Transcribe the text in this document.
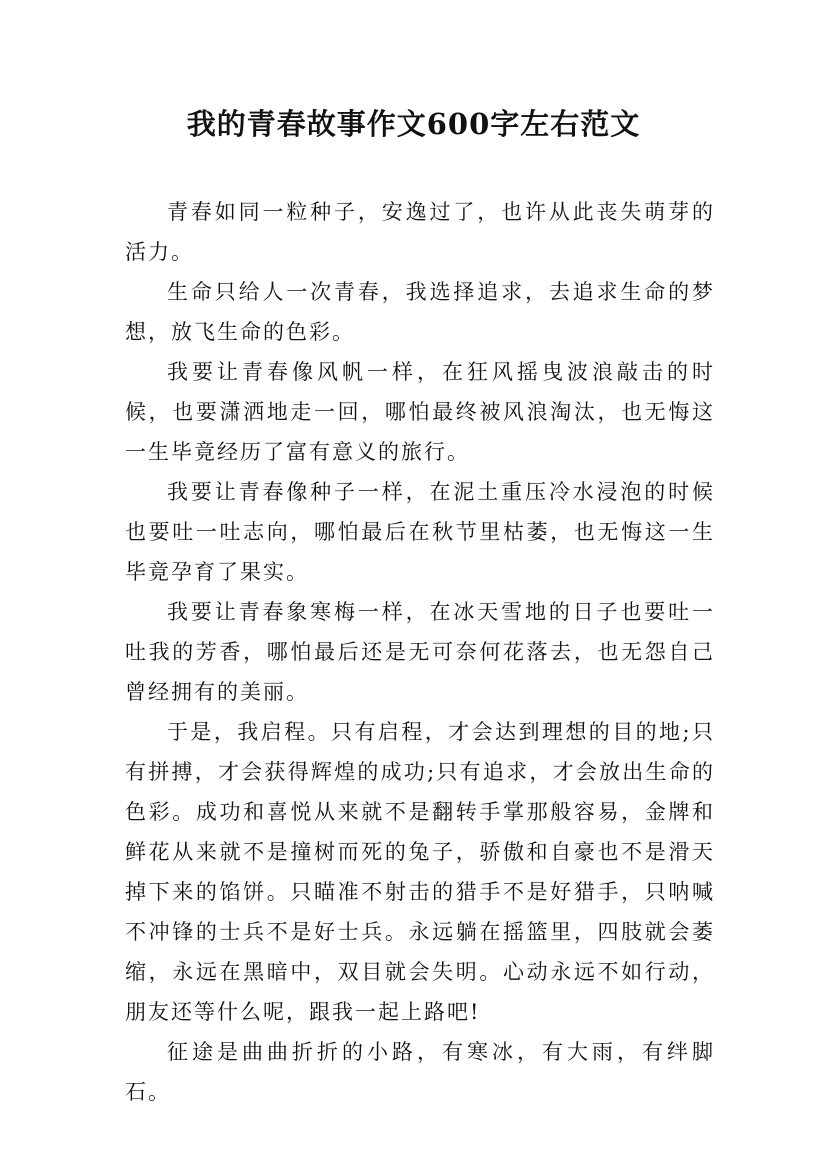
我的青春故事作文600字左右范文

青春如同一粒种子，安逸过了，也许从此丧失萌芽的活力。

生命只给人一次青春，我选择追求，去追求生命的梦想，放飞生命的色彩。

我要让青春像风帆一样，在狂风摇曳波浪敲击的时候，也要潇洒地走一回，哪怕最终被风浪淘汰，也无悔这一生毕竟经历了富有意义的旅行。

我要让青春像种子一样，在泥土重压冷水浸泡的时候也要吐一吐志向，哪怕最后在秋节里枯萎，也无悔这一生毕竟孕育了果实。

我要让青春象寒梅一样，在冰天雪地的日子也要吐一吐我的芳香，哪怕最后还是无可奈何花落去，也无怨自己曾经拥有的美丽。

于是，我启程。只有启程，才会达到理想的目的地;只有拼搏，才会获得辉煌的成功;只有追求，才会放出生命的色彩。成功和喜悦从来就不是翻转手掌那般容易，金牌和鲜花从来就不是撞树而死的兔子，骄傲和自豪也不是滑天掉下来的馅饼。只瞄准不射击的猎手不是好猎手，只呐喊不冲锋的士兵不是好士兵。永远躺在摇篮里，四肢就会萎缩，永远在黑暗中，双目就会失明。心动永远不如行动，朋友还等什么呢，跟我一起上路吧!

征途是曲曲折折的小路，有寒冰，有大雨，有绊脚石。
